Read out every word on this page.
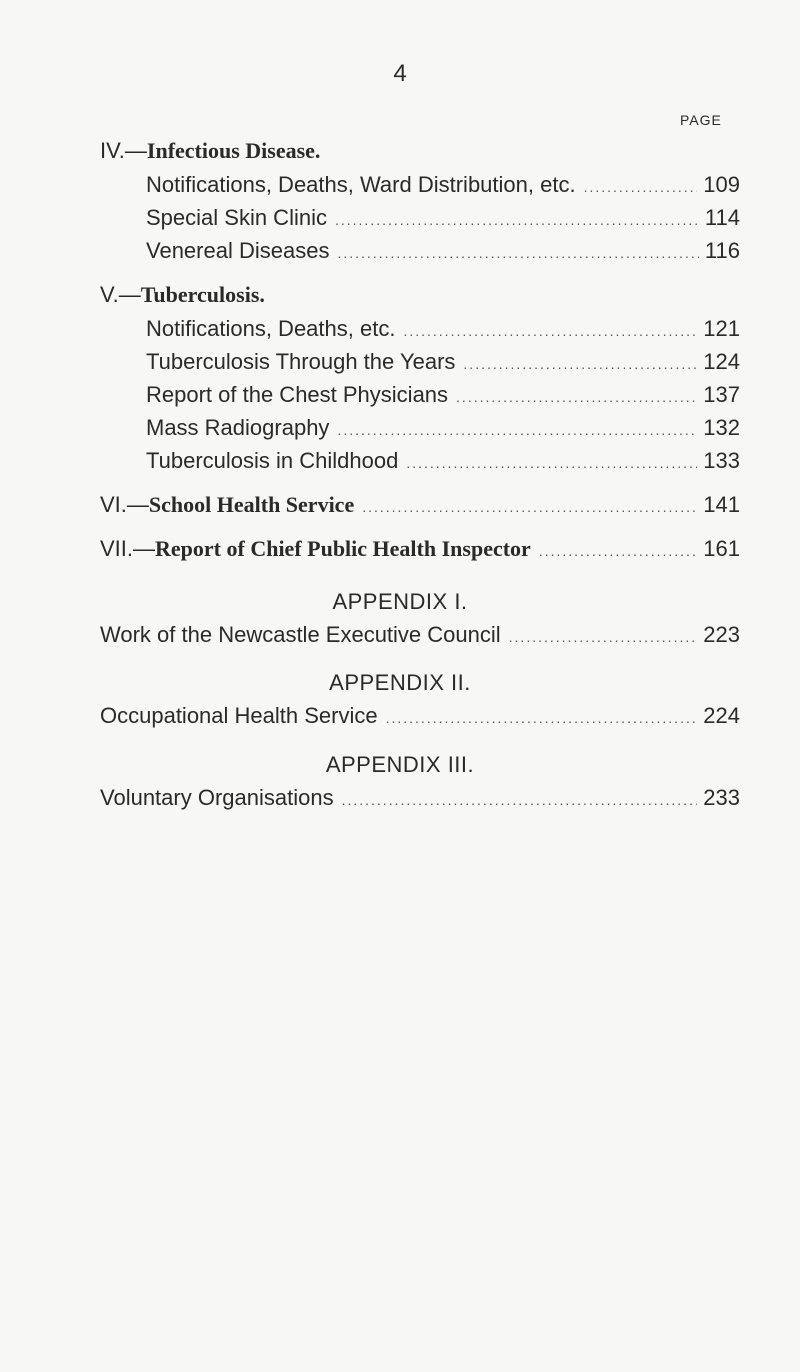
4
PAGE
IV.—Infectious Disease.
Notifications, Deaths, Ward Distribution, etc. .....	109
Special Skin Clinic .....	114
Venereal Diseases .....	116
V.—Tuberculosis.
Notifications, Deaths, etc. .....	121
Tuberculosis Through the Years .....	124
Report of the Chest Physicians .....	137
Mass Radiography .....	132
Tuberculosis in Childhood .....	133
VI.— School Health Service .....	141
VII.— Report of Chief Public Health Inspector .....	161
APPENDIX I.
Work of the Newcastle Executive Council .....	223
APPENDIX II.
Occupational Health Service .....	224
APPENDIX III.
Voluntary Organisations .....	233
